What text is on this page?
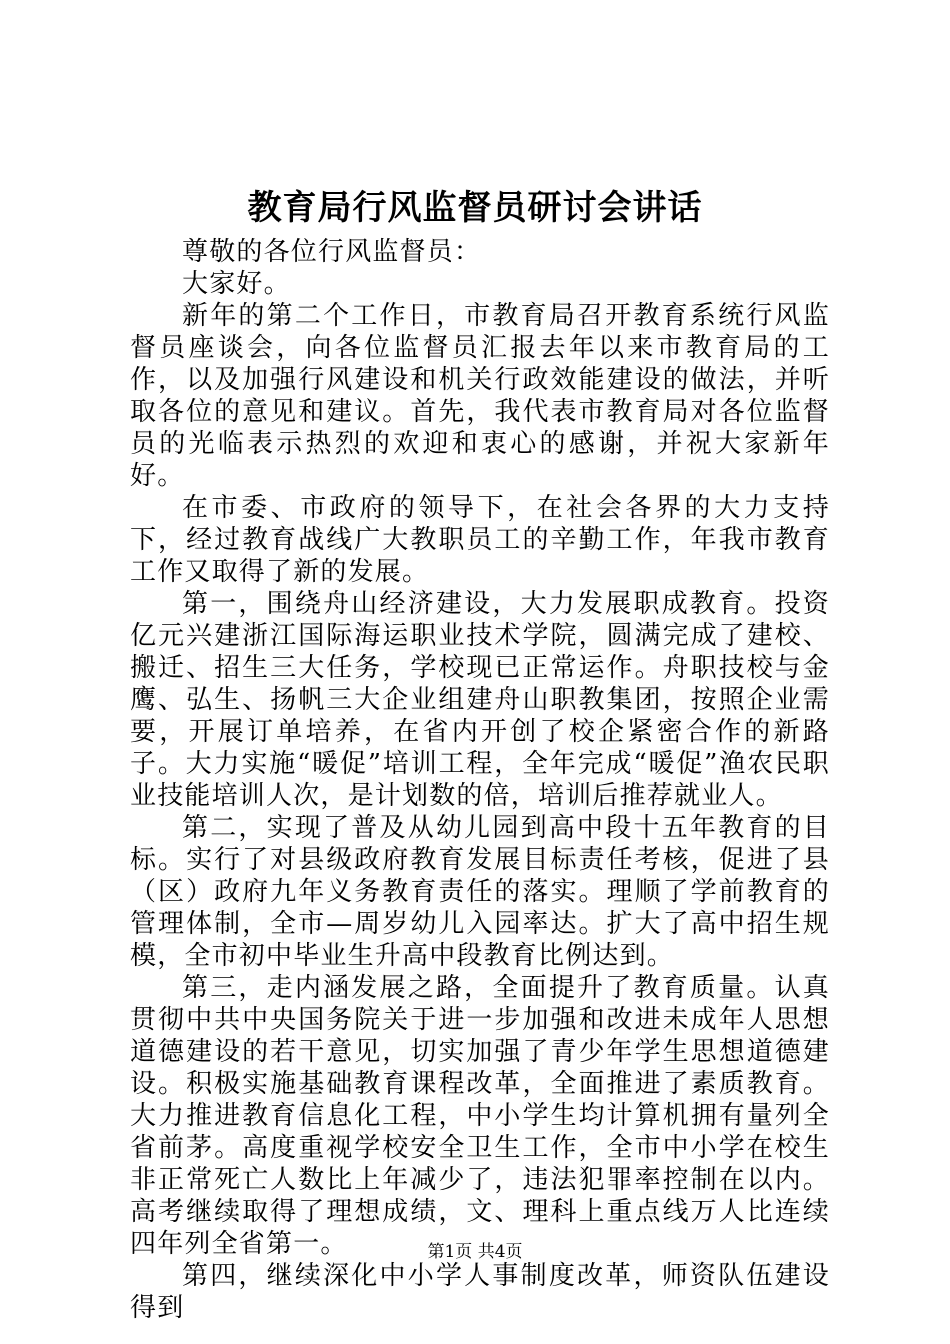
教育局行风监督员研讨会讲话

尊敬的各位行风监督员：

大家好。

新年的第二个工作日，市教育局召开教育系统行风监督员座谈会，向各位监督员汇报去年以来市教育局的工作，以及加强行风建设和机关行政效能建设的做法，并听取各位的意见和建议。首先，我代表市教育局对各位监督员的光临表示热烈的欢迎和衷心的感谢，并祝大家新年好。

在市委、市政府的领导下，在社会各界的大力支持下，经过教育战线广大教职员工的辛勤工作，年我市教育工作又取得了新的发展。

第一，围绕舟山经济建设，大力发展职成教育。投资亿元兴建浙江国际海运职业技术学院，圆满完成了建校、搬迁、招生三大任务，学校现已正常运作。舟职技校与金鹰、弘生、扬帆三大企业组建舟山职教集团，按照企业需要，开展订单培养，在省内开创了校企紧密合作的新路子。大力实施“暖促”培训工程，全年完成“暖促”渔农民职业技能培训人次，是计划数的倍，培训后推荐就业人。

第二，实现了普及从幼儿园到高中段十五年教育的目标。实行了对县级政府教育发展目标责任考核，促进了县（区）政府九年义务教育责任的落实。理顺了学前教育的管理体制，全市—周岁幼儿入园率达。扩大了高中招生规模，全市初中毕业生升高中段教育比例达到。

第三，走内涵发展之路，全面提升了教育质量。认真贯彻中共中央国务院关于进一步加强和改进未成年人思想道德建设的若干意见，切实加强了青少年学生思想道德建设。积极实施基础教育课程改革，全面推进了素质教育。大力推进教育信息化工程，中小学生均计算机拥有量列全省前茅。高度重视学校安全卫生工作，全市中小学在校生非正常死亡人数比上年减少了，违法犯罪率控制在以内。高考继续取得了理想成绩，文、理科上重点线万人比连续四年列全省第一。

第四，继续深化中小学人事制度改革，师资队伍建设得到

第1页 共4页
